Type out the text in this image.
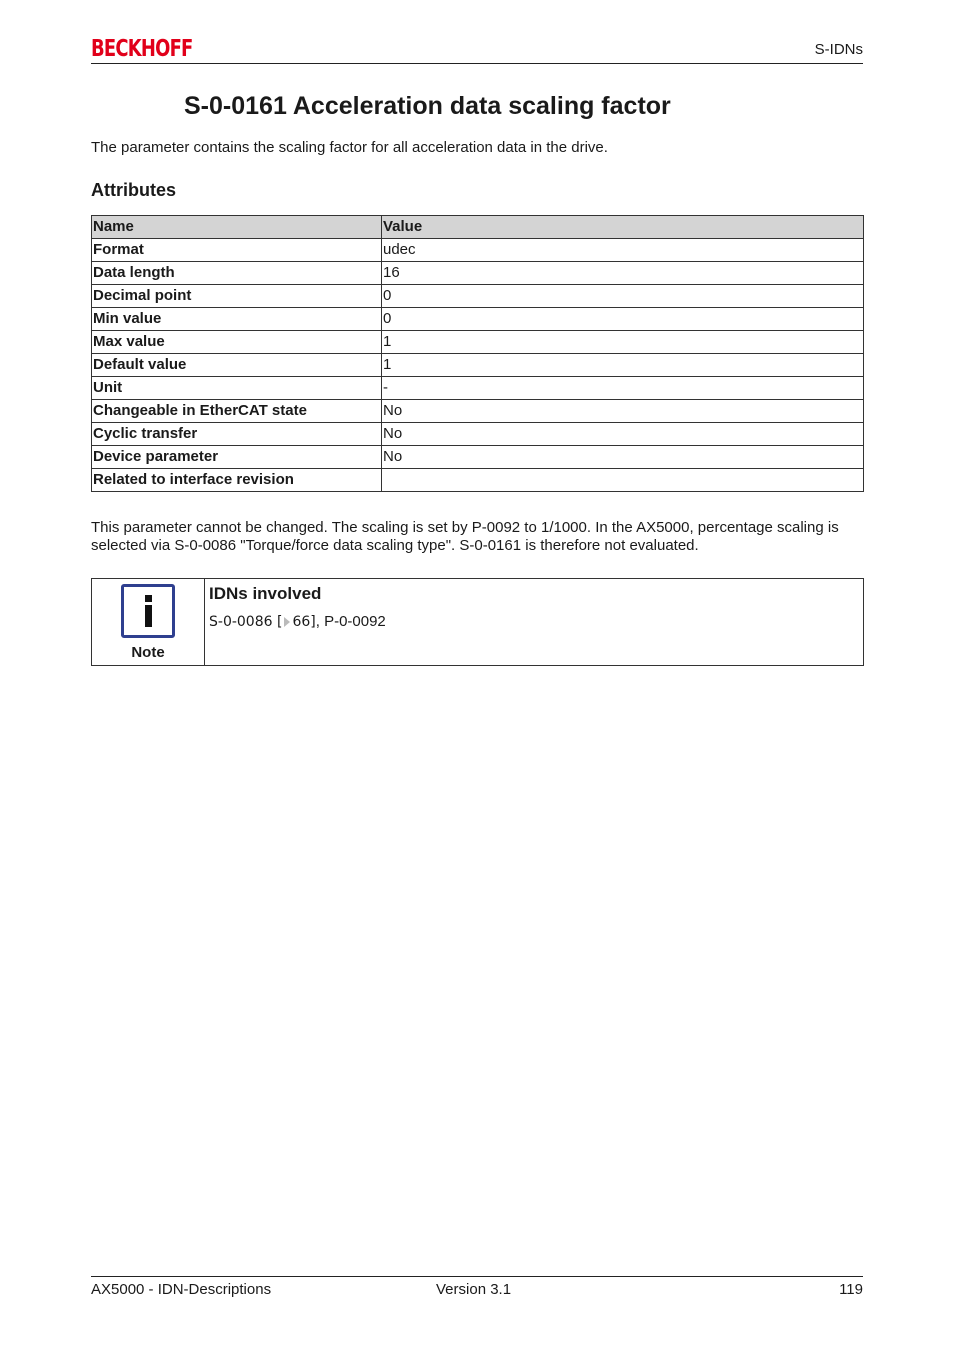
BECKHOFF	S-IDNs
S-0-0161 Acceleration data scaling factor

The parameter contains the scaling factor for all acceleration data in the drive.

Attributes
Name	Value
Format	udec
Data length	16
Decimal point	0
Min value	0
Max value	1
Default value	1
Unit	-
Changeable in EtherCAT state	No
Cyclic transfer	No
Device parameter	No
Related to interface revision	

This parameter cannot be changed. The scaling is set by P-0092 to 1/1000. In the AX5000, percentage scaling is selected via S-0-0086 "Torque/force data scaling type". S-0-0161 is therefore not evaluated.

Note
IDNs involved
S-0-0086 [ 66], P-0-0092
AX5000 - IDN-Descriptions	Version 3.1	119
